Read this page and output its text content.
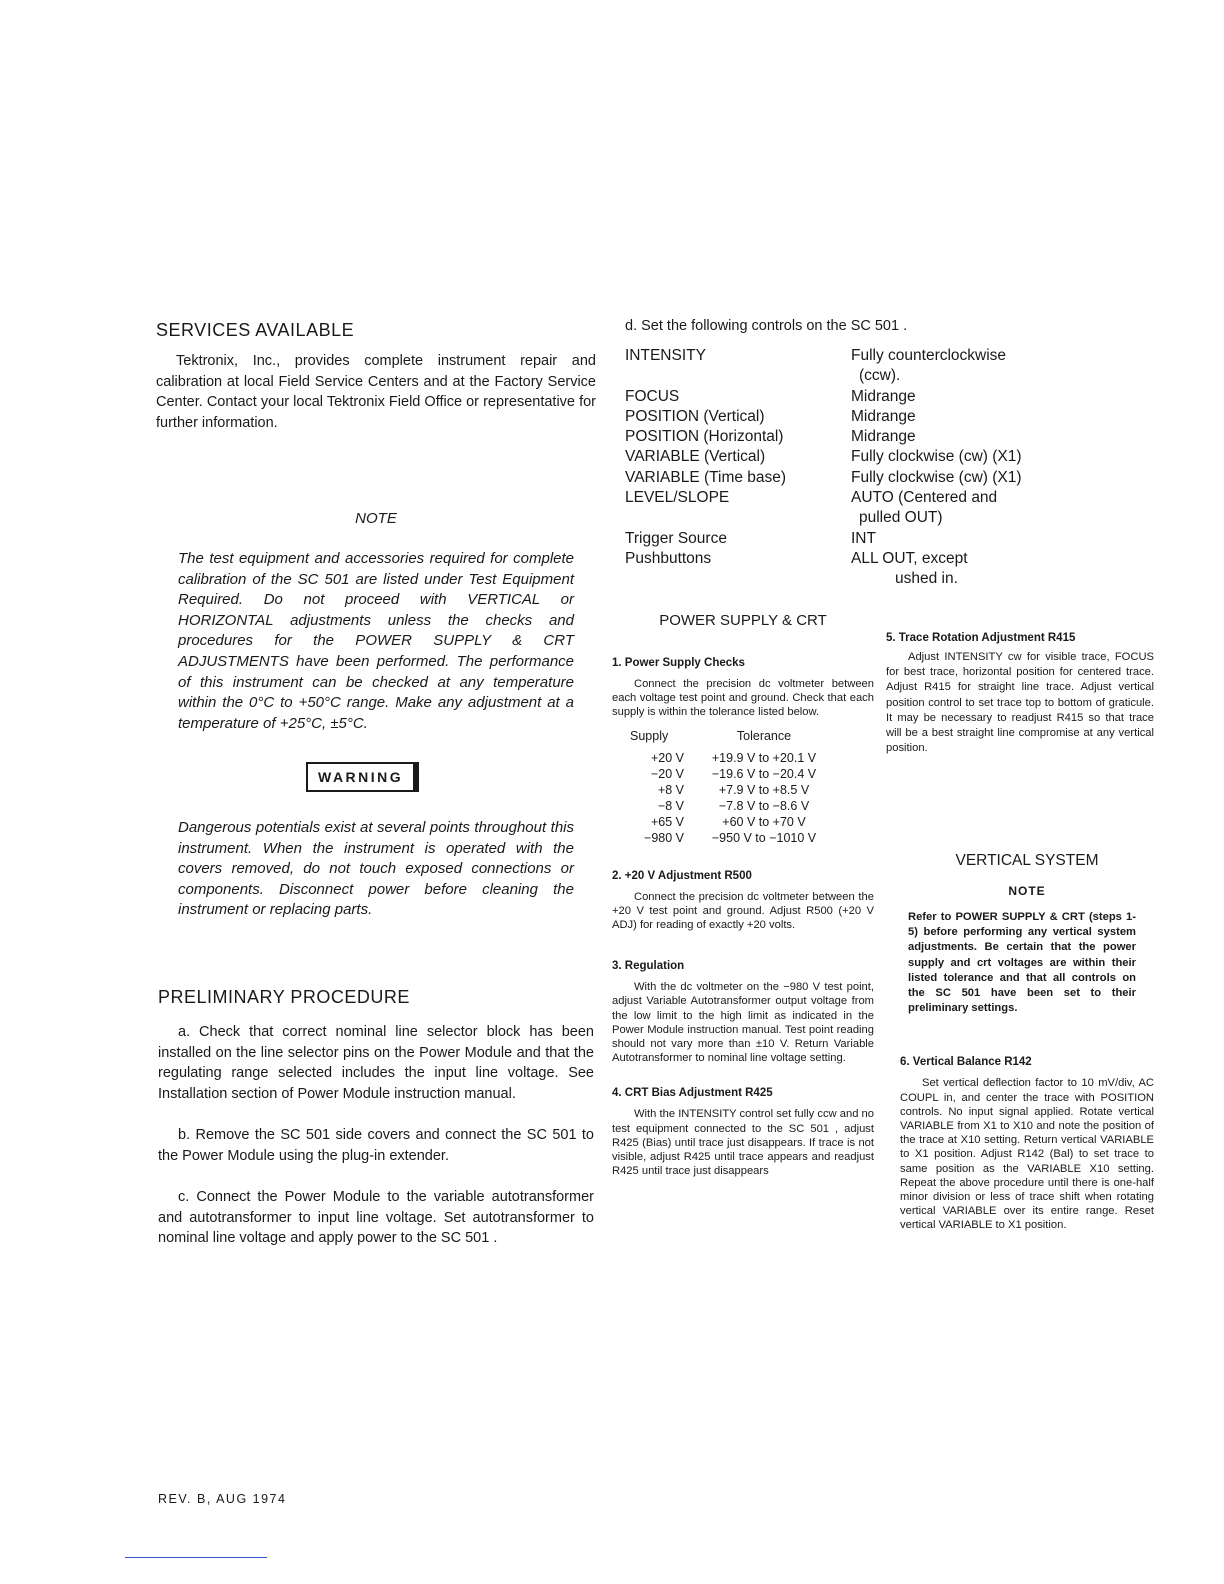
SERVICES AVAILABLE

Tektronix, Inc., provides complete instrument repair and calibration at local Field Service Centers and at the Factory Service Center. Contact your local Tektronix Field Office or representative for further information.

NOTE

The test equipment and accessories required for complete calibration of the SC 501 are listed under Test Equipment Required. Do not proceed with VERTICAL or HORIZONTAL adjustments unless the checks and procedures for the POWER SUPPLY & CRT ADJUSTMENTS have been performed. The performance of this instrument can be checked at any temperature within the 0°C to +50°C range. Make any adjustment at a temperature of +25°C, ±5°C.

WARNING

Dangerous potentials exist at several points throughout this instrument. When the instrument is operated with the covers removed, do not touch exposed connections or components. Disconnect power before cleaning the instrument or replacing parts.

PRELIMINARY PROCEDURE

a. Check that correct nominal line selector block has been installed on the line selector pins on the Power Module and that the regulating range selected includes the input line voltage. See Installation section of Power Module instruction manual.

b. Remove the SC 501 side covers and connect the SC 501 to the Power Module using the plug-in extender.

c. Connect the Power Module to the variable autotransformer and autotransformer to input line voltage. Set autotransformer to nominal line voltage and apply power to the SC 501 .

d. Set the following controls on the SC 501 .

INTENSITY	Fully counterclockwise
(ccw).
FOCUS	Midrange
POSITION (Vertical)	Midrange
POSITION (Horizontal)	Midrange
VARIABLE (Vertical)	Fully clockwise (cw) (X1)
VARIABLE (Time base)	Fully clockwise (cw) (X1)
LEVEL/SLOPE	AUTO (Centered and
pulled OUT)
Trigger Source	INT
Pushbuttons	ALL OUT, except
ushed in.
POWER SUPPLY & CRT

1. Power Supply Checks

Connect the precision dc voltmeter between each voltage test point and ground. Check that each supply is within the tolerance listed below.

Supply	Tolerance
+20 V	+19.9 V to +20.1 V
−20 V	−19.6 V to −20.4 V
+8 V	+7.9 V to +8.5 V
−8 V	−7.8 V to −8.6 V
+65 V	+60 V to +70 V
−980 V	−950 V to −1010 V

2. +20 V Adjustment R500

Connect the precision dc voltmeter between the +20 V test point and ground. Adjust R500 (+20 V ADJ) for reading of exactly +20 volts.

3. Regulation

With the dc voltmeter on the −980 V test point, adjust Variable Autotransformer output voltage from the low limit to the high limit as indicated in the Power Module instruction manual. Test point reading should not vary more than ±10 V. Return Variable Autotransformer to nominal line voltage setting.

4. CRT Bias Adjustment R425

With the INTENSITY control set fully ccw and no test equipment connected to the SC 501 , adjust R425 (Bias) until trace just disappears. If trace is not visible, adjust R425 until trace appears and readjust R425 until trace just disappears

5. Trace Rotation Adjustment R415

Adjust INTENSITY cw for visible trace, FOCUS for best trace, horizontal position for centered trace. Adjust R415 for straight line trace. Adjust vertical position control to set trace top to bottom of graticule. It may be necessary to readjust R415 so that trace will be a best straight line compromise at any vertical position.

VERTICAL SYSTEM

NOTE

Refer to POWER SUPPLY & CRT (steps 1-5) before performing any vertical system adjustments. Be certain that the power supply and crt voltages are within their listed tolerance and that all controls on the SC 501 have been set to their preliminary settings.

6. Vertical Balance R142

Set vertical deflection factor to 10 mV/div, AC COUPL in, and center the trace with POSITION controls. No input signal applied. Rotate vertical VARIABLE from X1 to X10 and note the position of the trace at X10 setting. Return vertical VARIABLE to X1 position. Adjust R142 (Bal) to set trace to same position as the VARIABLE X10 setting. Repeat the above procedure until there is one-half minor division or less of trace shift when rotating vertical VARIABLE over its entire range. Reset vertical VARIABLE to X1 position.

REV. B, AUG 1974
